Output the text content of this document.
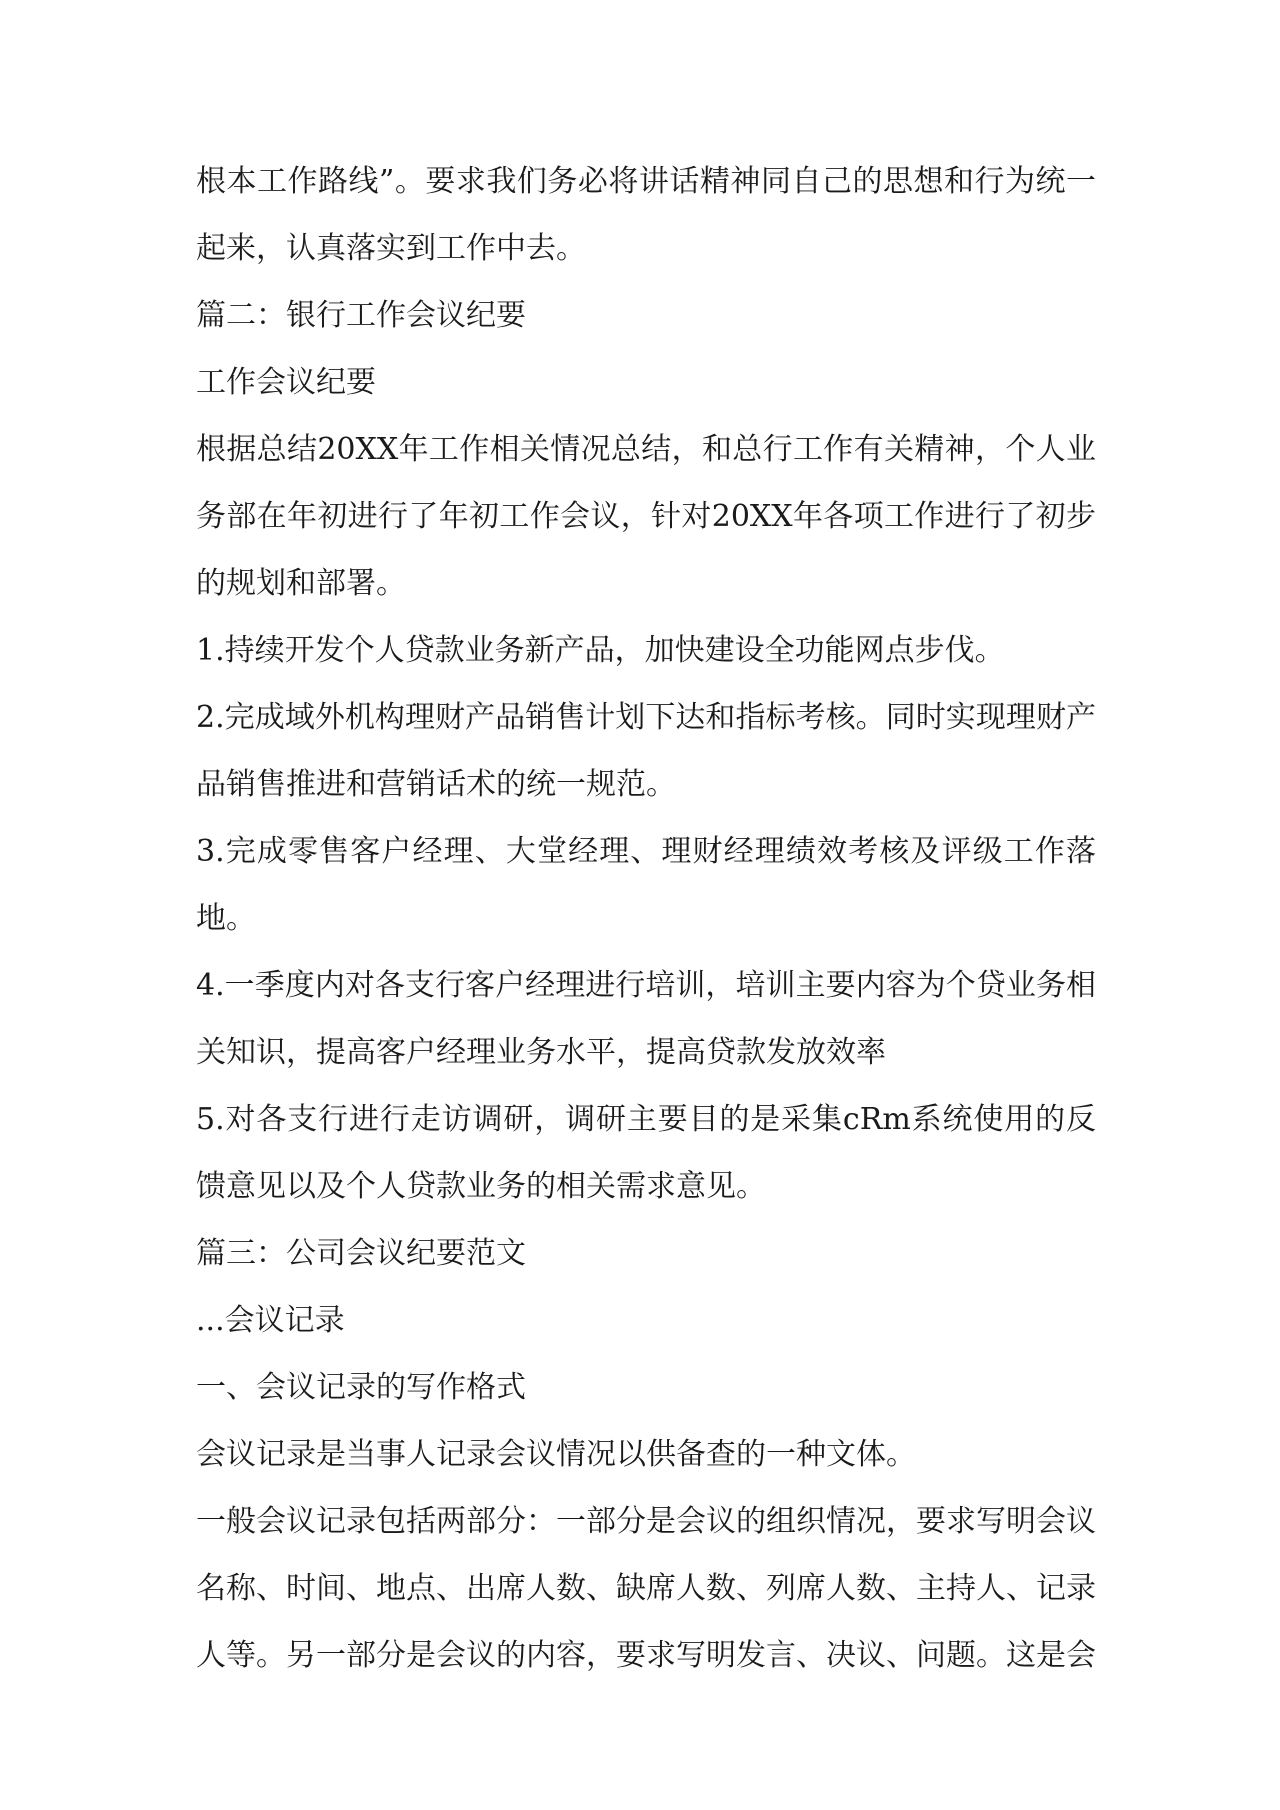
根本工作路线”。要求我们务必将讲话精神同自己的思想和行为统一起来，认真落实到工作中去。

篇二：银行工作会议纪要

工作会议纪要

根据总结20XX年工作相关情况总结，和总行工作有关精神，个人业务部在年初进行了年初工作会议，针对20XX年各项工作进行了初步的规划和部署。

1.持续开发个人贷款业务新产品，加快建设全功能网点步伐。

2.完成域外机构理财产品销售计划下达和指标考核。同时实现理财产品销售推进和营销话术的统一规范。

3.完成零售客户经理、大堂经理、理财经理绩效考核及评级工作落地。

4.一季度内对各支行客户经理进行培训，培训主要内容为个贷业务相关知识，提高客户经理业务水平，提高贷款发放效率

5.对各支行进行走访调研，调研主要目的是采集cRm系统使用的反馈意见以及个人贷款业务的相关需求意见。

篇三：公司会议纪要范文

...会议记录

一、会议记录的写作格式

会议记录是当事人记录会议情况以供备查的一种文体。

一般会议记录包括两部分：一部分是会议的组织情况，要求写明会议名称、时间、地点、出席人数、缺席人数、列席人数、主持人、记录人等。另一部分是会议的内容，要求写明发言、决议、问题。这是会
